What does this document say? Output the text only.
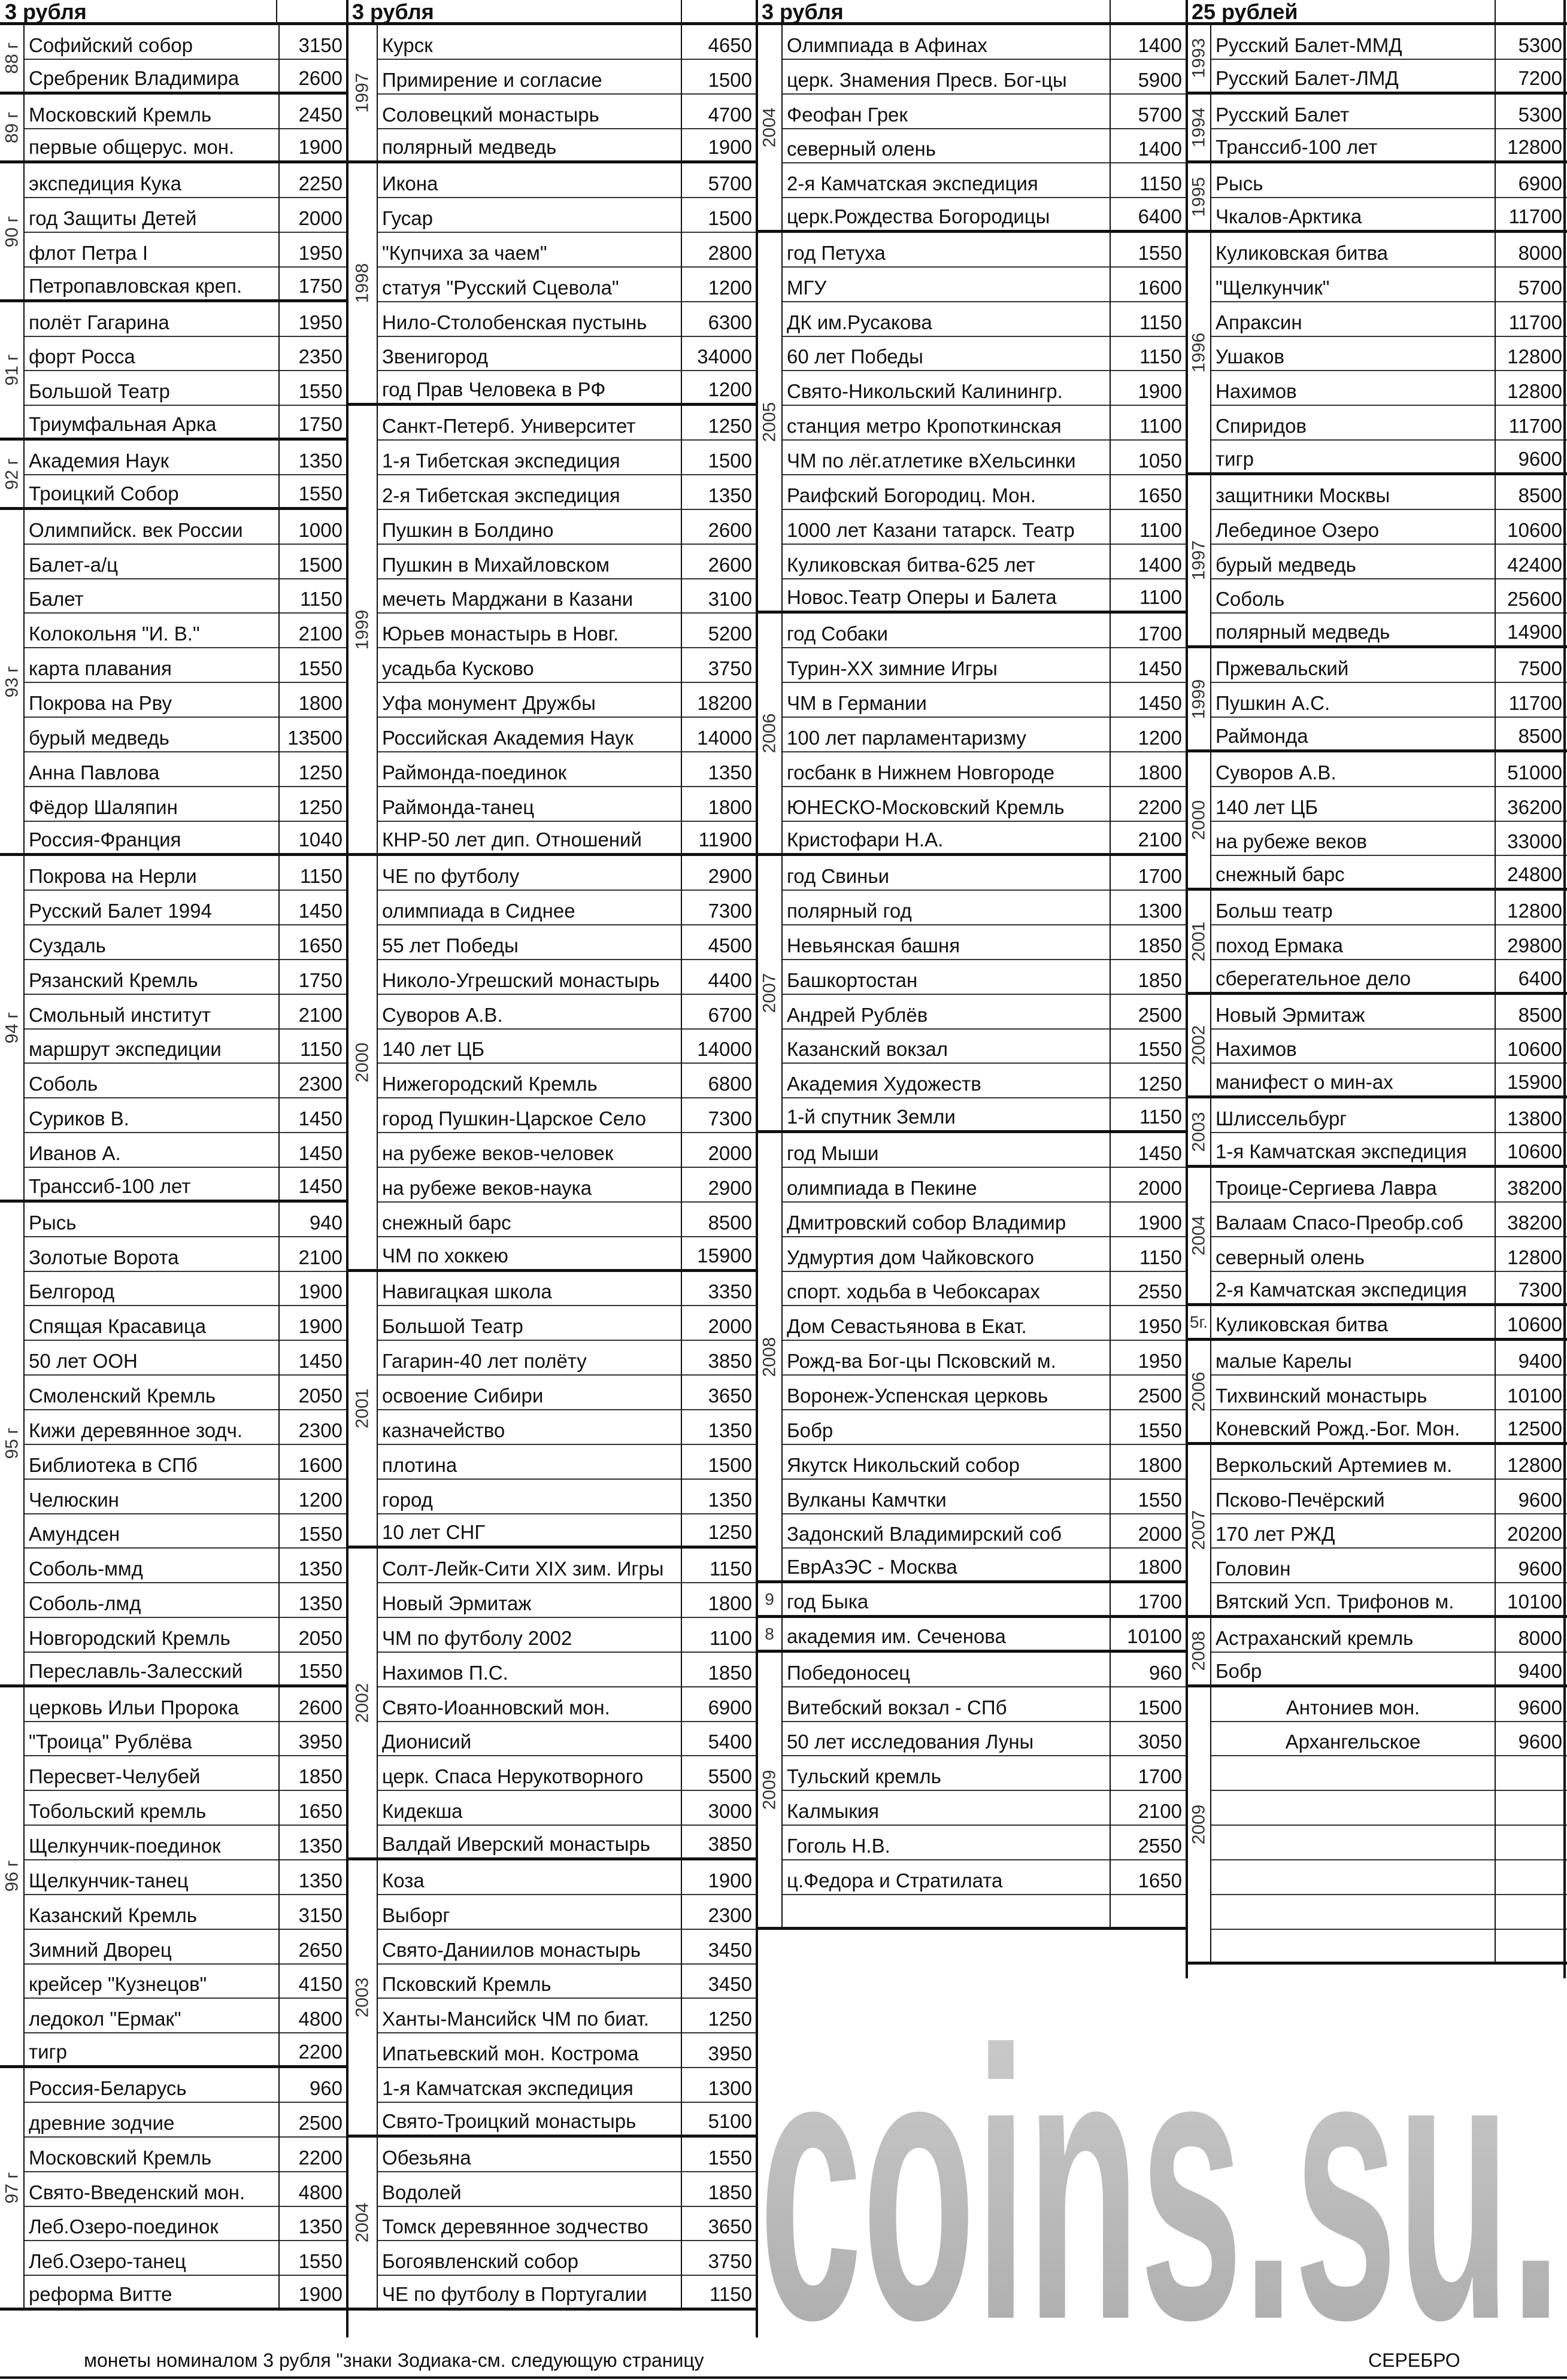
3 рубля	3 рубля	3 рубля	25 рублей
88 г Софийский собор	3150
Сребреник Владимира	2600
89 г Московский Кремль	2450
первые общерус. мон.	1900
90 г
экспедиция Кука	2250
год Защиты Детей	2000
флот Петра I	1950
Петропавловская креп.	1750
91 г
полёт Гагарина	1950
форт Росса	2350
Большой Театр	1550
Триумфальная Арка	1750
92 г Академия Наук	1350
Троицкий Собор	1550
93 г
Олимпийск. век России	1000
Балет-а/ц	1500
Балет	1150
Колокольня "И. В."	2100
карта плавания	1550
Покрова на Рву	1800
бурый медведь	13500
Анна Павлова	1250
Фёдор Шаляпин	1250
Россия-Франция	1040
94 г
Покрова на Нерли	1150
Русский Балет 1994	1450
Суздаль	1650
Рязанский Кремль	1750
Смольный институт	2100
маршрут экспедиции	1150
Соболь	2300
Суриков В.	1450
Иванов А.	1450
Транссиб-100 лет	1450
95 г
Рысь	940
Золотые Ворота	2100
Белгород	1900
Спящая Красавица	1900
50 лет ООН	1450
Смоленский Кремль	2050
Кижи деревянное зодч.	2300
Библиотека в СПб	1600
Челюскин	1200
Амундсен	1550
Соболь-ммд	1350
Соболь-лмд	1350
Новгородский Кремль	2050
Переславль-Залесский	1550
96 г
церковь Ильи Пророка	2600
"Троица" Рублёва	3950
Пересвет-Челубей	1850
Тобольский кремль	1650
Щелкунчик-поединок	1350
Щелкунчик-танец	1350
Казанский Кремль	3150
Зимний Дворец	2650
крейсер "Кузнецов"	4150
ледокол "Ермак"	4800
тигр	2200
97 г
Россия-Беларусь	960
древние зодчие	2500
Московский Кремль	2200
Свято-Введенский мон.	4800
Леб.Озеро-поединок	1350
Леб.Озеро-танец	1550
реформа Витте	1900
1997
Курск	4650
Примирение и согласие	1500
Соловецкий монастырь	4700
полярный медведь	1900
1998
Икона	5700
Гусар	1500
"Купчиха за чаем"	2800
статуя "Русский Сцевола"	1200
Нило-Столобенская пустынь	6300
Звенигород	34000
год Прав Человека в РФ	1200
1999
Санкт-Петерб. Университет	1250
1-я Тибетская экспедиция	1500
2-я Тибетская экспедиция	1350
Пушкин в Болдино	2600
Пушкин в Михайловском	2600
мечеть Марджани в Казани	3100
Юрьев монастырь в Новг.	5200
усадьба Кусково	3750
Уфа монумент Дружбы	18200
Российская Академия Наук	14000
Раймонда-поединок	1350
Раймонда-танец	1800
КНР-50 лет дип. Отношений	11900
2000
ЧЕ по футболу	2900
олимпиада в Сиднее	7300
55 лет Победы	4500
Николо-Угрешский монастырь	4400
Суворов А.В.	6700
140 лет ЦБ	14000
Нижегородский Кремль	6800
город Пушкин-Царское Село	7300
на рубеже веков-человек	2000
на рубеже веков-наука	2900
снежный барс	8500
ЧМ по хоккею	15900
2001
Навигацкая школа	3350
Большой Театр	2000
Гагарин-40 лет полёту	3850
освоение Сибири	3650
казначейство	1350
плотина	1500
город	1350
10 лет СНГ	1250
2002
Солт-Лейк-Сити XIX зим. Игры	1150
Новый Эрмитаж	1800
ЧМ по футболу 2002	1100
Нахимов П.С.	1850
Свято-Иоанновский мон.	6900
Дионисий	5400
церк. Спаса Нерукотворного	5500
Кидекша	3000
Валдай Иверский монастырь	3850
2003
Коза	1900
Выборг	2300
Свято-Даниилов монастырь	3450
Псковский Кремль	3450
Ханты-Мансийск ЧМ по биат.	1250
Ипатьевский мон. Кострома	3950
1-я Камчатская экспедиция	1300
Свято-Троицкий монастырь	5100
2004
Обезьяна	1550
Водолей	1850
Томск деревянное зодчество	3650
Богоявленский собор	3750
ЧЕ по футболу в Португалии	1150
2004
Олимпиада в Афинах	1400
церк. Знамения Пресв. Бог-цы	5900
Феофан Грек	5700
северный олень	1400
2-я Камчатская экспедиция	1150
церк.Рождества Богородицы	6400
2005
год Петуха	1550
МГУ	1600
ДК им.Русакова	1150
60 лет Победы	1150
Свято-Никольский Калинингр.	1900
станция метро Кропоткинская	1100
ЧМ по лёг.атлетике вХельсинки	1050
Раифский Богородиц. Мон.	1650
1000 лет Казани татарск. Театр	1100
Куликовская битва-625 лет	1400
Новос.Театр Оперы и Балета	1100
2006
год Собаки	1700
Турин-XX зимние Игры	1450
ЧМ в Германии	1450
100 лет парламентаризму	1200
госбанк в Нижнем Новгороде	1800
ЮНЕСКО-Московский Кремль	2200
Кристофари Н.А.	2100
2007
год Свиньи	1700
полярный год	1300
Невьянская башня	1850
Башкортостан	1850
Андрей Рублёв	2500
Казанский вокзал	1550
Академия Художеств	1250
1-й спутник Земли	1150
2008
год Мыши	1450
олимпиада в Пекине	2000
Дмитровский собор Владимир	1900
Удмуртия дом Чайковского	1150
спорт. ходьба в Чебоксарах	2550
Дом Севастьянова в Екат.	1950
Рожд-ва Бог-цы Псковский м.	1950
Воронеж-Успенская церковь	2500
Бобр	1550
Якутск Никольский собор	1800
Вулканы Камчтки	1550
Задонский Владимирский соб	2000
ЕврАзЭС - Москва	1800
9 год Быка	1700
8 академия им. Сеченова	10100
2009
Победоносец	960
Витебский вокзал - СПб	1500
50 лет исследования Луны	3050
Тульский кремль	1700
Калмыкия	2100
Гоголь Н.В.	2550
ц.Федора и Стратилата	1650
1993 Русский Балет-ММД	5300
Русский Балет-ЛМД	7200
1994 Русский Балет	5300
Транссиб-100 лет	12800
1995 Рысь	6900
Чкалов-Арктика	11700
1996
Куликовская битва	8000
"Щелкунчик"	5700
Апраксин	11700
Ушаков	12800
Нахимов	12800
Спиридов	11700
тигр	9600
1997
защитники Москвы	8500
Лебединое Озеро	10600
бурый медведь	42400
Соболь	25600
полярный медведь	14900
1999
Пржевальский	7500
Пушкин А.С.	11700
Раймонда	8500
2000
Суворов А.В.	51000
140 лет ЦБ	36200
на рубеже веков	33000
снежный барс	24800
2001
Больш театр	12800
поход Ермака	29800
сберегательное дело	6400
2002
Новый Эрмитаж	8500
Нахимов	10600
манифест о мин-ах	15900
2003 Шлиссельбург	13800
1-я Камчатская экспедиция	10600
2004
Троице-Сергиева Лавра	38200
Валаам Спасо-Преобр.соб	38200
северный олень	12800
2-я Камчатская экспедиция	7300
5г. Куликовская битва	10600
2006
малые Карелы	9400
Тихвинский монастырь	10100
Коневский Рожд.-Бог. Мон.	12500
2007
Веркольский Артемиев м.	12800
Псково-Печёрский	9600
170 лет РЖД	20200
Головин	9600
Вятский Усп. Трифонов м.	10100
2008 Астраханский кремль	8000
Бобр	9400
2009
Антониев мон.	9600
Архангельское	9600
coins.su.
монеты номиналом 3 рубля "знаки Зодиака-см. следующую страницу	СЕРЕБРО
